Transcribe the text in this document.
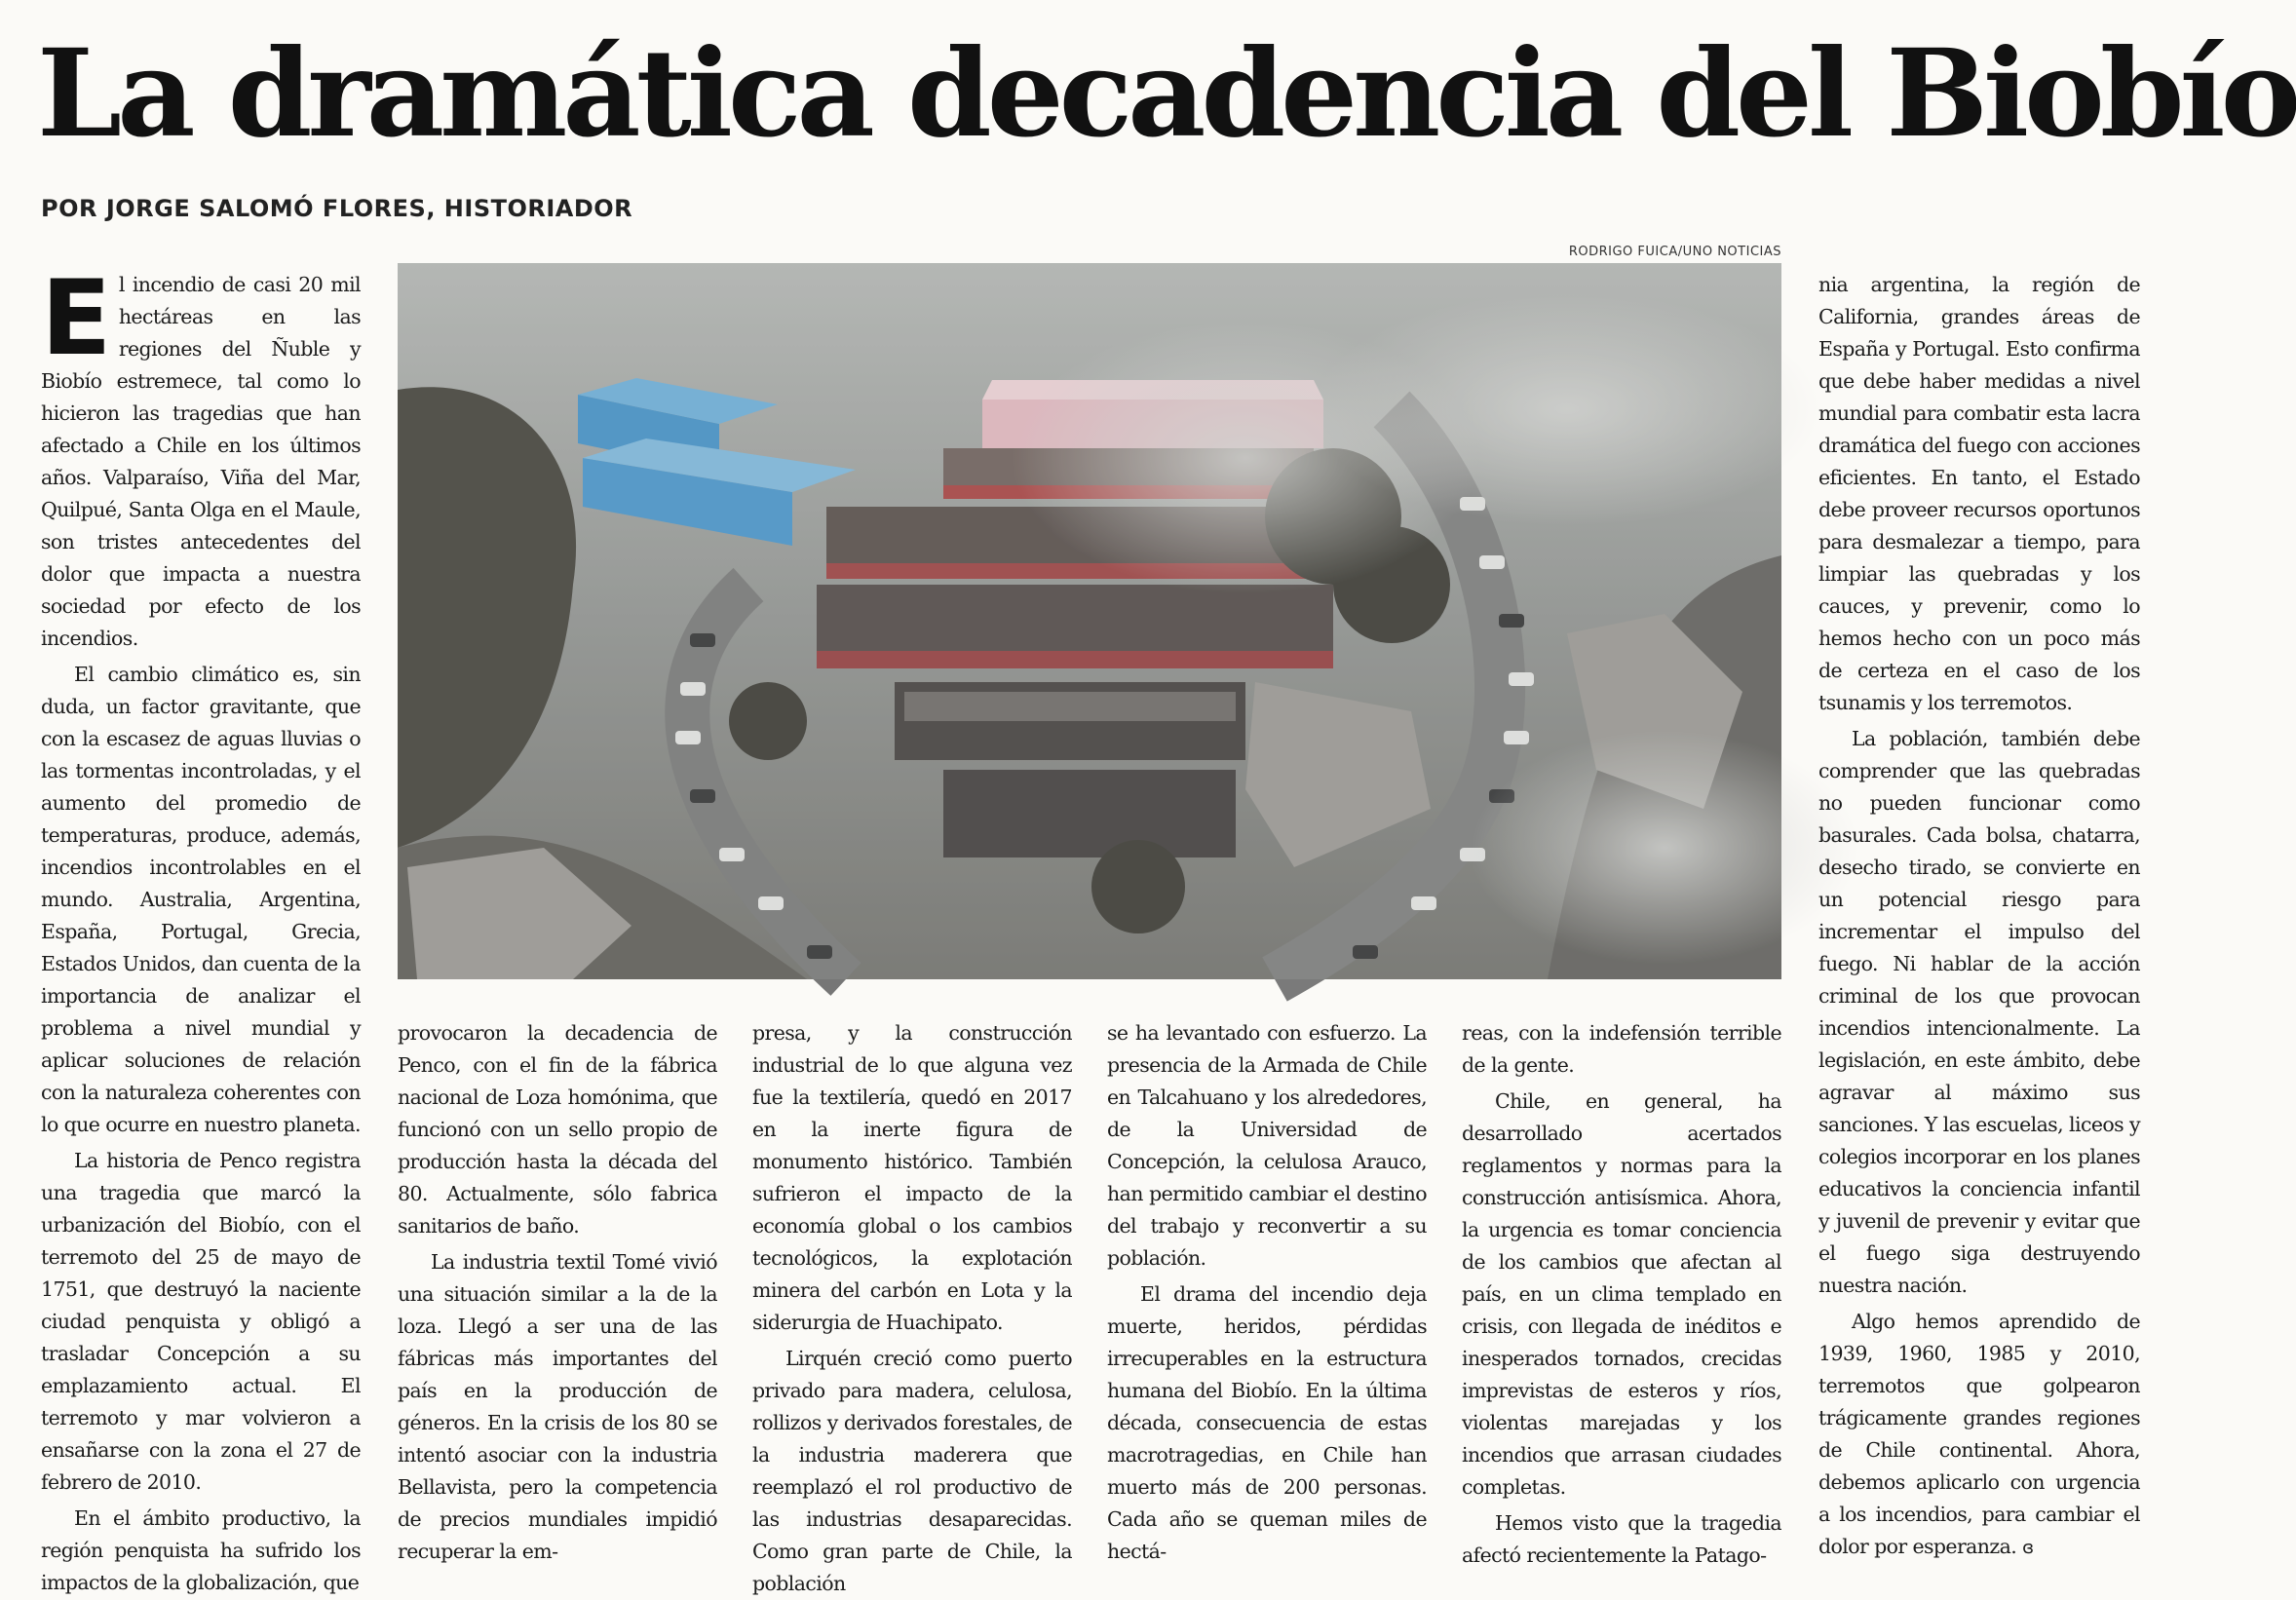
La dramática decadencia del Biobío
POR JORGE SALOMÓ FLORES, HISTORIADOR

El incendio de casi 20 mil hectáreas en las regiones del Ñuble y Biobío estremece, tal como lo hicieron las tragedias que han afectado a Chile en los últimos años. Valparaíso, Viña del Mar, Quilpué, Santa Olga en el Maule, son tristes antecedentes del dolor que impacta a nuestra sociedad por efecto de los incendios.

El cambio climático es, sin duda, un factor gravitante, que con la escasez de aguas lluvias o las tormentas incontroladas, y el aumento del promedio de temperaturas, produce, además, incendios incontrolables en el mundo. Australia, Argentina, España, Portugal, Grecia, Estados Unidos, dan cuenta de la importancia de analizar el problema a nivel mundial y aplicar soluciones de relación con la naturaleza coherentes con lo que ocurre en nuestro planeta.

La historia de Penco registra una tragedia que marcó la urbanización del Biobío, con el terremoto del 25 de mayo de 1751, que destruyó la naciente ciudad penquista y obligó a trasladar Concepción a su emplazamiento actual. El terremoto y mar volvieron a ensañarse con la zona el 27 de febrero de 2010.

En el ámbito productivo, la región penquista ha sufrido los impactos de la globalización, que

RODRIGO FUICA/UNO NOTICIAS

provocaron la decadencia de Penco, con el fin de la fábrica nacional de Loza homónima, que funcionó con un sello propio de producción hasta la década del 80. Actualmente, sólo fabrica sanitarios de baño.

La industria textil Tomé vivió una situación similar a la de la loza. Llegó a ser una de las fábricas más importantes del país en la producción de géneros. En la crisis de los 80 se intentó asociar con la industria Bellavista, pero la competencia de precios mundiales impidió recuperar la em-

presa, y la construcción industrial de lo que alguna vez fue la textilería, quedó en 2017 en la inerte figura de monumento histórico. También sufrieron el impacto de la economía global o los cambios tecnológicos, la explotación minera del carbón en Lota y la siderurgia de Huachipato.

Lirquén creció como puerto privado para madera, celulosa, rollizos y derivados forestales, de la industria maderera que reemplazó el rol productivo de las industrias desaparecidas. Como gran parte de Chile, la población

se ha levantado con esfuerzo. La presencia de la Armada de Chile en Talcahuano y los alrededores, de la Universidad de Concepción, la celulosa Arauco, han permitido cambiar el destino del trabajo y reconvertir a su población.

El drama del incendio deja muerte, heridos, pérdidas irrecuperables en la estructura humana del Biobío. En la última década, consecuencia de estas macrotragedias, en Chile han muerto más de 200 personas. Cada año se queman miles de hectá-

reas, con la indefensión terrible de la gente.

Chile, en general, ha desarrollado acertados reglamentos y normas para la construcción antisísmica. Ahora, la urgencia es tomar conciencia de los cambios que afectan al país, en un clima templado en crisis, con llegada de inéditos e inesperados tornados, crecidas imprevistas de esteros y ríos, violentas marejadas y los incendios que arrasan ciudades completas.

Hemos visto que la tragedia afectó recientemente la Patago-

nia argentina, la región de California, grandes áreas de España y Portugal. Esto confirma que debe haber medidas a nivel mundial para combatir esta lacra dramática del fuego con acciones eficientes. En tanto, el Estado debe proveer recursos oportunos para desmalezar a tiempo, para limpiar las quebradas y los cauces, y prevenir, como lo hemos hecho con un poco más de certeza en el caso de los tsunamis y los terremotos.

La población, también debe comprender que las quebradas no pueden funcionar como basurales. Cada bolsa, chatarra, desecho tirado, se convierte en un potencial riesgo para incrementar el impulso del fuego. Ni hablar de la acción criminal de los que provocan incendios intencionalmente. La legislación, en este ámbito, debe agravar al máximo sus sanciones. Y las escuelas, liceos y colegios incorporar en los planes educativos la conciencia infantil y juvenil de prevenir y evitar que el fuego siga destruyendo nuestra nación.

Algo hemos aprendido de 1939, 1960, 1985 y 2010, terremotos que golpearon trágicamente grandes regiones de Chile continental. Ahora, debemos aplicarlo con urgencia a los incendios, para cambiar el dolor por esperanza. ɞ
